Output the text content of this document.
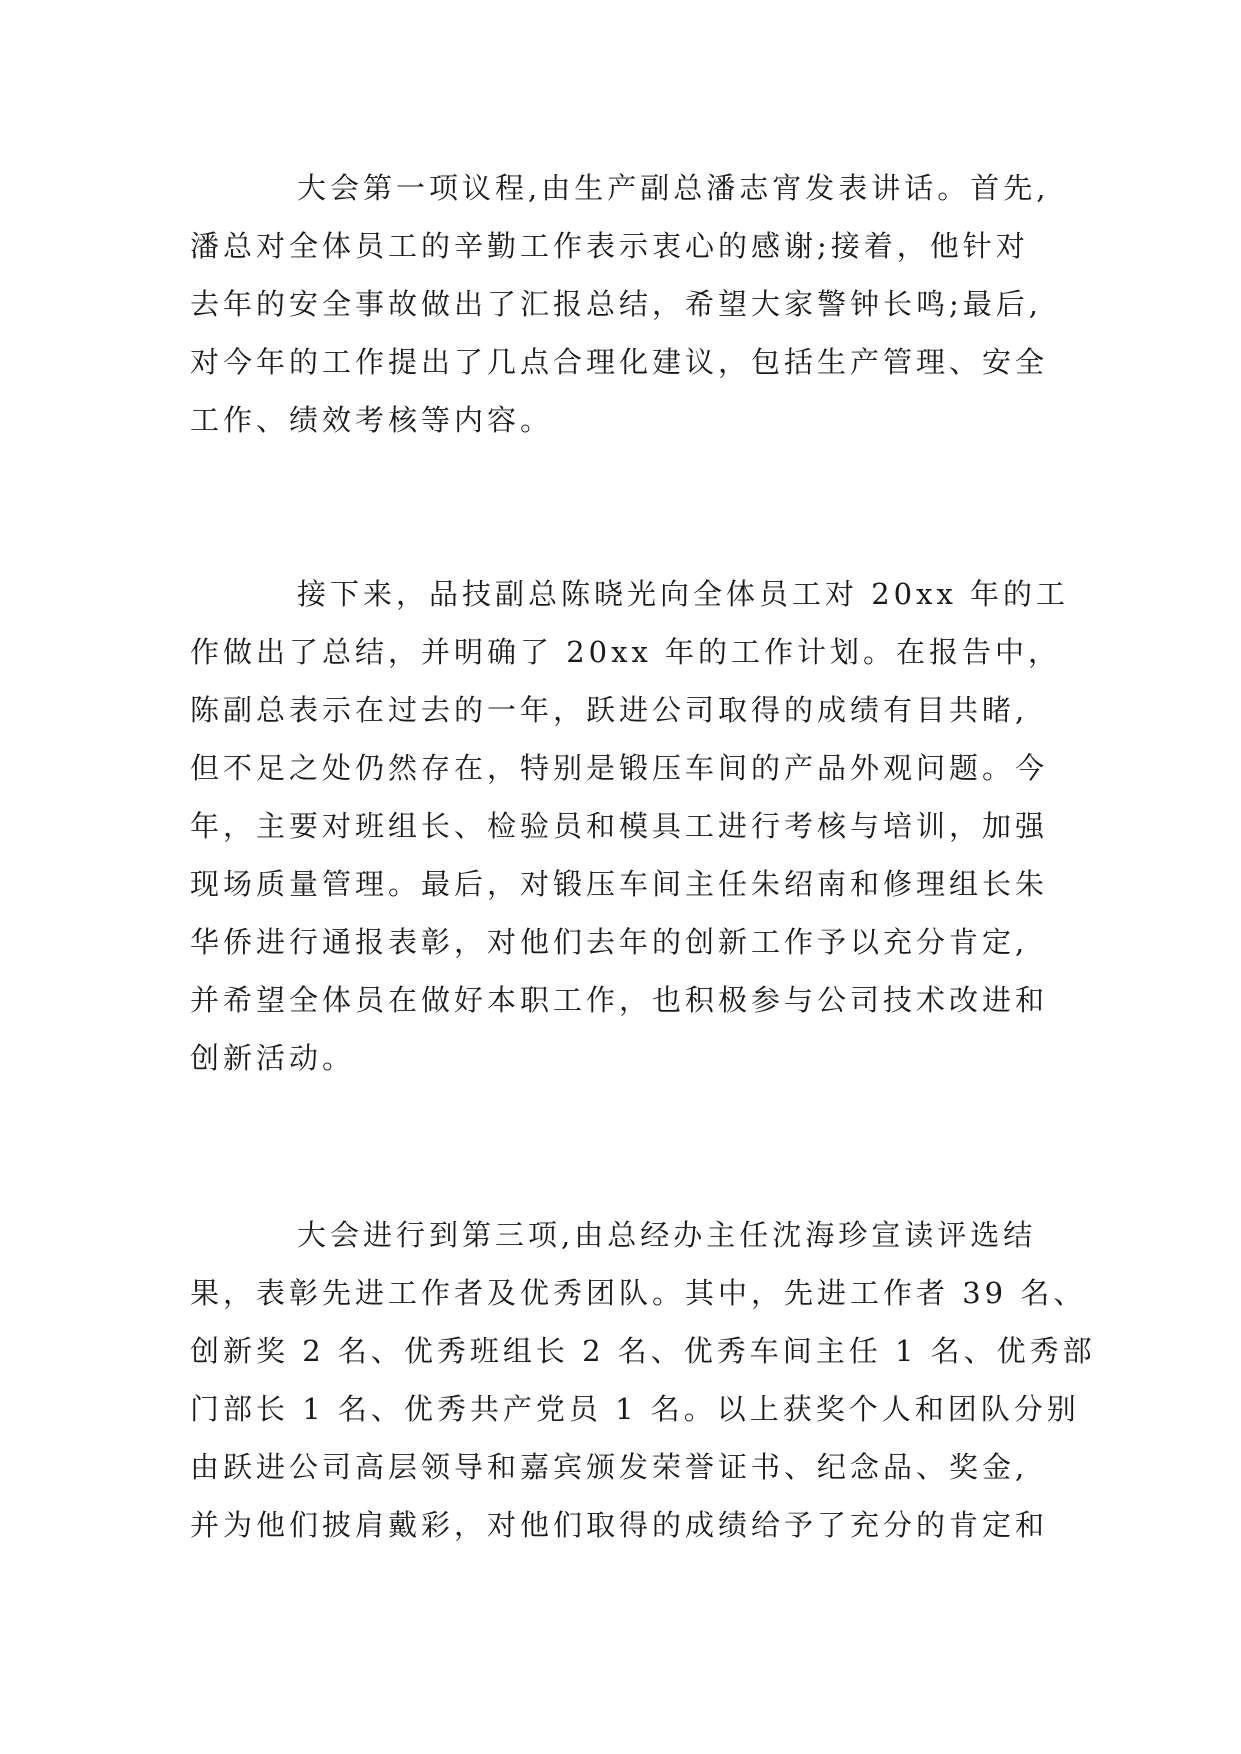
大会第一项议程,由生产副总潘志宵发表讲话。首先,
潘总对全体员工的辛勤工作表示衷心的感谢;接着，他针对
去年的安全事故做出了汇报总结，希望大家警钟长鸣;最后,
对今年的工作提出了几点合理化建议，包括生产管理、安全
工作、绩效考核等内容。

接下来，品技副总陈晓光向全体员工对 20xx 年的工
作做出了总结，并明确了 20xx 年的工作计划。在报告中，
陈副总表示在过去的一年，跃进公司取得的成绩有目共睹,
但不足之处仍然存在，特别是锻压车间的产品外观问题。今
年，主要对班组长、检验员和模具工进行考核与培训，加强
现场质量管理。最后，对锻压车间主任朱绍南和修理组长朱
华侨进行通报表彰，对他们去年的创新工作予以充分肯定,
并希望全体员在做好本职工作，也积极参与公司技术改进和
创新活动。

大会进行到第三项,由总经办主任沈海珍宣读评选结
果，表彰先进工作者及优秀团队。其中，先进工作者 39 名、
创新奖 2 名、优秀班组长 2 名、优秀车间主任 1 名、优秀部
门部长 1 名、优秀共产党员 1 名。以上获奖个人和团队分别
由跃进公司高层领导和嘉宾颁发荣誉证书、纪念品、奖金,
并为他们披肩戴彩，对他们取得的成绩给予了充分的肯定和
